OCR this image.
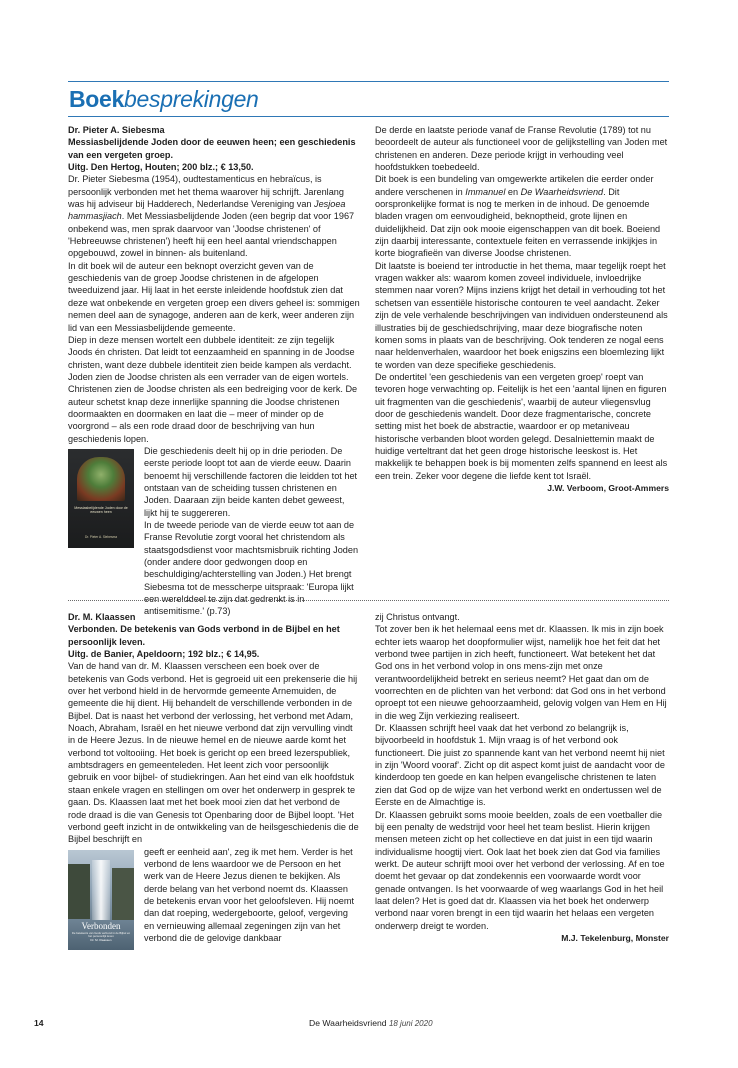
Boekbesprekingen

Dr. Pieter A. Siebesma

Messiasbelijdende Joden door de eeuwen heen; een geschiedenis van een vergeten groep.

Uitg. Den Hertog, Houten; 200 blz.; € 13,50.

Dr. Pieter Siebesma (1954), oudtestamenticus en hebraïcus, is persoonlijk verbonden met het thema waarover hij schrijft. Jarenlang was hij adviseur bij Hadderech, Nederlandse Vereniging van Jesjoea hammasjiach. Met Messiasbelijdende Joden (een begrip dat voor 1967 onbekend was, men sprak daarvoor van 'Joodse christenen' of 'Hebreeuwse christenen') heeft hij een heel aantal vriendschappen opgebouwd, zowel in binnen- als buitenland.

In dit boek wil de auteur een beknopt overzicht geven van de geschiedenis van de groep Joodse christenen in de afgelopen tweeduizend jaar. Hij laat in het eerste inleidende hoofdstuk zien dat deze wat onbekende en vergeten groep een divers geheel is: sommigen nemen deel aan de synagoge, anderen aan de kerk, weer anderen zijn lid van een Messiasbelijdende gemeente.

Diep in deze mensen wortelt een dubbele identiteit: ze zijn tegelijk Joods én christen. Dat leidt tot eenzaamheid en spanning in de Joodse christen, want deze dubbele identiteit zien beide kampen als verdacht. Joden zien de Joodse christen als een verrader van de eigen wortels. Christenen zien de Joodse christen als een bedreiging voor de kerk. De auteur schetst knap deze innerlijke spanning die Joodse christenen doormaakten en doormaken en laat die – meer of minder op de voorgrond – als een rode draad door de beschrijving van hun geschiedenis lopen.

Messiasbelijdende Joden door de eeuwen heen
Dr. Pieter A. Siebesma

Die geschiedenis deelt hij op in drie perioden. De eerste periode loopt tot aan de vierde eeuw. Daarin benoemt hij verschillende factoren die leidden tot het ontstaan van de scheiding tussen christenen en Joden. Daaraan zijn beide kanten debet geweest, lijkt hij te suggereren.

In de tweede periode van de vierde eeuw tot aan de Franse Revolutie zorgt vooral het christendom als staatsgodsdienst voor machtsmisbruik richting Joden (onder andere door gedwongen doop en beschuldiging/achterstelling van Joden.) Het brengt Siebesma tot de messcherpe uitspraak: 'Europa lijkt een werelddeel te zijn dat gedrenkt is in antisemitisme.' (p.73)

De derde en laatste periode vanaf de Franse Revolutie (1789) tot nu beoordeelt de auteur als functioneel voor de gelijkstelling van Joden met christenen en anderen. Deze periode krijgt in verhouding veel hoofdstukken toebedeeld.

Dit boek is een bundeling van omgewerkte artikelen die eerder onder andere verschenen in Immanuel en De Waarheidsvriend. Dit oorspronkelijke format is nog te merken in de inhoud. De genoemde bladen vragen om eenvoudigheid, beknoptheid, grote lijnen en duidelijkheid. Dat zijn ook mooie eigenschappen van dit boek. Boeiend zijn daarbij interessante, contextuele feiten en verrassende inkijkjes in korte biografieën van diverse Joodse christenen.

Dit laatste is boeiend ter introductie in het thema, maar tegelijk roept het vragen wakker als: waarom komen zoveel individuele, invloedrijke stemmen naar voren? Mijns inziens krijgt het detail in verhouding tot het schetsen van essentiële historische contouren te veel aandacht. Zeker zijn de vele verhalende beschrijvingen van individuen ondersteunend als illustraties bij de geschiedschrijving, maar deze biografische noten komen soms in plaats van de beschrijving. Ook tenderen ze nogal eens naar heldenverhalen, waardoor het boek enigszins een bloemlezing lijkt te worden van deze specifieke geschiedenis.

De ondertitel 'een geschiedenis van een vergeten groep' roept van tevoren hoge verwachting op. Feitelijk is het een 'aantal lijnen en figuren uit fragmenten van die geschiedenis', waarbij de auteur vliegensvlug door de geschiedenis wandelt. Door deze fragmentarische, concrete setting mist het boek de abstractie, waardoor er op metaniveau historische verbanden bloot worden gelegd. Desalniettemin maakt de huidige verteltrant dat het geen droge historische leeskost is. Het makkelijk te behappen boek is bij momenten zelfs spannend en leest als een trein. Zeker voor degene die liefde kent tot Israël.

J.W. Verboom, Groot-Ammers

Dr. M. Klaassen

Verbonden. De betekenis van Gods verbond in de Bijbel en het persoonlijk leven.

Uitg. de Banier, Apeldoorn; 192 blz.; € 14,95.

Van de hand van dr. M. Klaassen verscheen een boek over de betekenis van Gods verbond. Het is gegroeid uit een prekenserie die hij over het verbond hield in de hervormde gemeente Arnemuiden, de gemeente die hij dient. Hij behandelt de verschillende verbonden in de Bijbel. Dat is naast het verbond der verlossing, het verbond met Adam, Noach, Abraham, Israël en het nieuwe verbond dat zijn vervulling vindt in de Heere Jezus. In de nieuwe hemel en de nieuwe aarde komt het verbond tot voltooiing. Het boek is gericht op een breed lezerspubliek, ambtsdragers en gemeenteleden. Het leent zich voor persoonlijk gebruik en voor bijbel- of studiekringen. Aan het eind van elk hoofdstuk staan enkele vragen en stellingen om over het onderwerp in gesprek te gaan. Ds. Klaassen laat met het boek mooi zien dat het verbond de rode draad is die van Genesis tot Openbaring door de Bijbel loopt. 'Het verbond geeft inzicht in de ontwikkeling van de heilsgeschiedenis die de Bijbel beschrijft en

Verbonden
De betekenis van Gods verbond in de Bijbel en het persoonlijk leven
Dr. M. Klaassen

geeft er eenheid aan', zeg ik met hem. Verder is het verbond de lens waardoor we de Persoon en het werk van de Heere Jezus dienen te bekijken. Als derde belang van het verbond noemt ds. Klaassen de betekenis ervan voor het geloofsleven. Hij noemt dan dat roeping, wedergeboorte, geloof, vergeving en vernieuwing allemaal zegeningen zijn van het verbond die de gelovige dankbaar

zij Christus ontvangt.

Tot zover ben ik het helemaal eens met dr. Klaassen. Ik mis in zijn boek echter iets waarop het doopformulier wijst, namelijk hoe het feit dat het verbond twee partijen in zich heeft, functioneert. Wat betekent het dat God ons in het verbond volop in ons mens-zijn met onze verantwoordelijkheid betrekt en serieus neemt? Het gaat dan om de voorrechten en de plichten van het verbond: dat God ons in het verbond oproept tot een nieuwe gehoorzaamheid, gelovig volgen van Hem en Hij in die weg Zijn verkiezing realiseert.

Dr. Klaassen schrijft heel vaak dat het verbond zo belangrijk is, bijvoorbeeld in hoofdstuk 1. Mijn vraag is of het verbond ook functioneert. Die juist zo spannende kant van het verbond neemt hij niet in zijn 'Woord vooraf'. Zicht op dit aspect komt juist de aandacht voor de kinderdoop ten goede en kan helpen evangelische christenen te laten zien dat God op de wijze van het verbond werkt en ondertussen wel de Eerste en de Almachtige is.

Dr. Klaassen gebruikt soms mooie beelden, zoals de een voetballer die bij een penalty de wedstrijd voor heel het team beslist. Hierin krijgen mensen meteen zicht op het collectieve en dat juist in een tijd waarin individualisme hoogtij viert. Ook laat het boek zien dat God via families werkt. De auteur schrijft mooi over het verbond der verlossing. Af en toe doemt het gevaar op dat zondekennis een voorwaarde wordt voor genade ontvangen. Is het voorwaarde of weg waarlangs God in het heil laat delen? Het is goed dat dr. Klaassen via het boek het onderwerp verbond naar voren brengt in een tijd waarin het helaas een vergeten onderwerp dreigt te worden.

M.J. Tekelenburg, Monster

14	De Waarheidsvriend 18 juni 2020
